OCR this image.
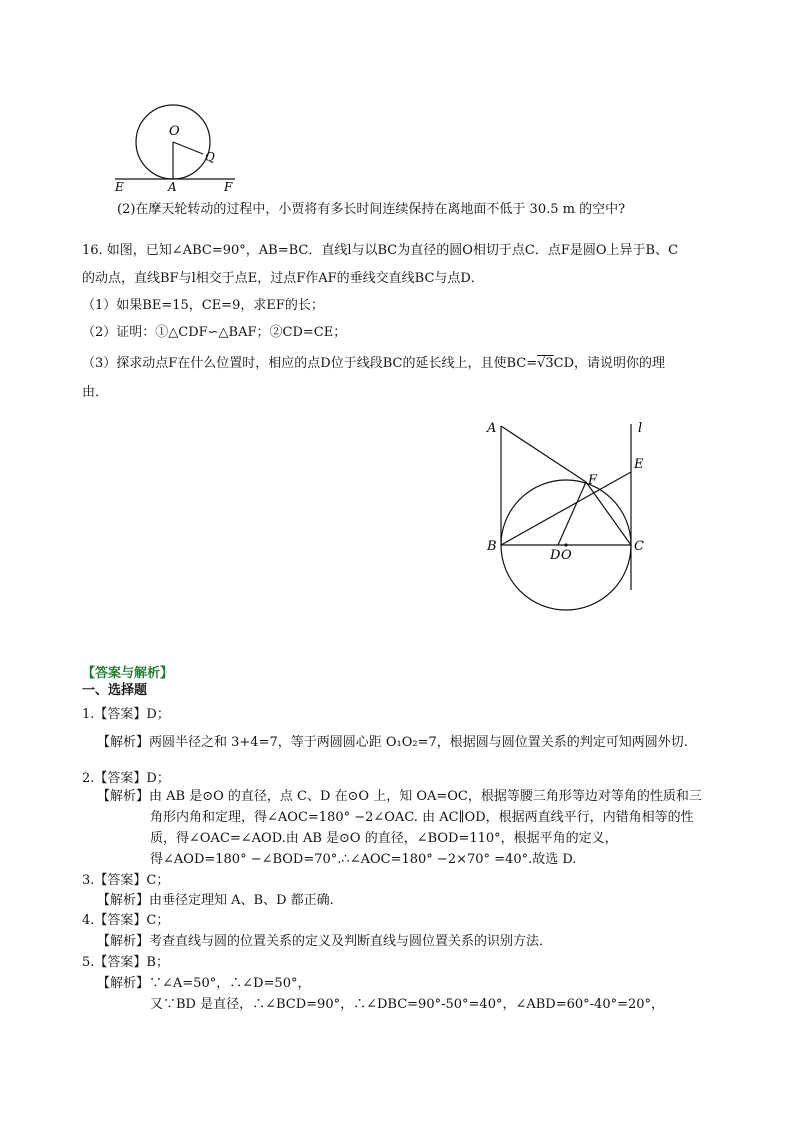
O
Q
E	A	F
(2)在摩天轮转动的过程中，小贾将有多长时间连续保持在离地面不低于 30.5 m 的空中?
16. 如图，已知∠ABC=90°，AB=BC．直线l与以BC为直径的圆O相切于点C．点F是圆O上异于B、C
的动点，直线BF与l相交于点E，过点F作AF的垂线交直线BC与点D．
（1）如果BE=15，CE=9，求EF的长；
（2）证明：①△CDF∽△BAF；②CD=CE；
（3）探求动点F在什么位置时，相应的点D位于线段BC的延长线上，且使BC=√3CD，请说明你的理
由．
A	l
E
F
B
D O
C
【答案与解析】
一、选择题
1.【答案】D；
【解析】两圆半径之和 3+4=7，等于两圆圆心距 O₁O₂=7，根据圆与圆位置关系的判定可知两圆外切.
2.【答案】D；
【解析】由 AB 是⊙O 的直径，点 C、D 在⊙O 上，知 OA=OC，根据等腰三角形等边对等角的性质和三
角形内角和定理，得∠AOC=180° −2∠OAC. 由 AC∥OD，根据两直线平行，内错角相等的性
质，得∠OAC=∠AOD.由 AB 是⊙O 的直径，∠BOD=110°，根据平角的定义，
得∠AOD=180° −∠BOD=70°.∴∠AOC=180° −2×70° =40°.故选 D.
3.【答案】C；
【解析】由垂径定理知 A、B、D 都正确.
4.【答案】C；
【解析】考查直线与圆的位置关系的定义及判断直线与圆位置关系的识别方法．
5.【答案】B；
【解析】∵∠A=50°，∴∠D=50°，
又∵BD 是直径，∴∠BCD=90°，∴∠DBC=90°-50°=40°，∠ABD=60°-40°=20°，
